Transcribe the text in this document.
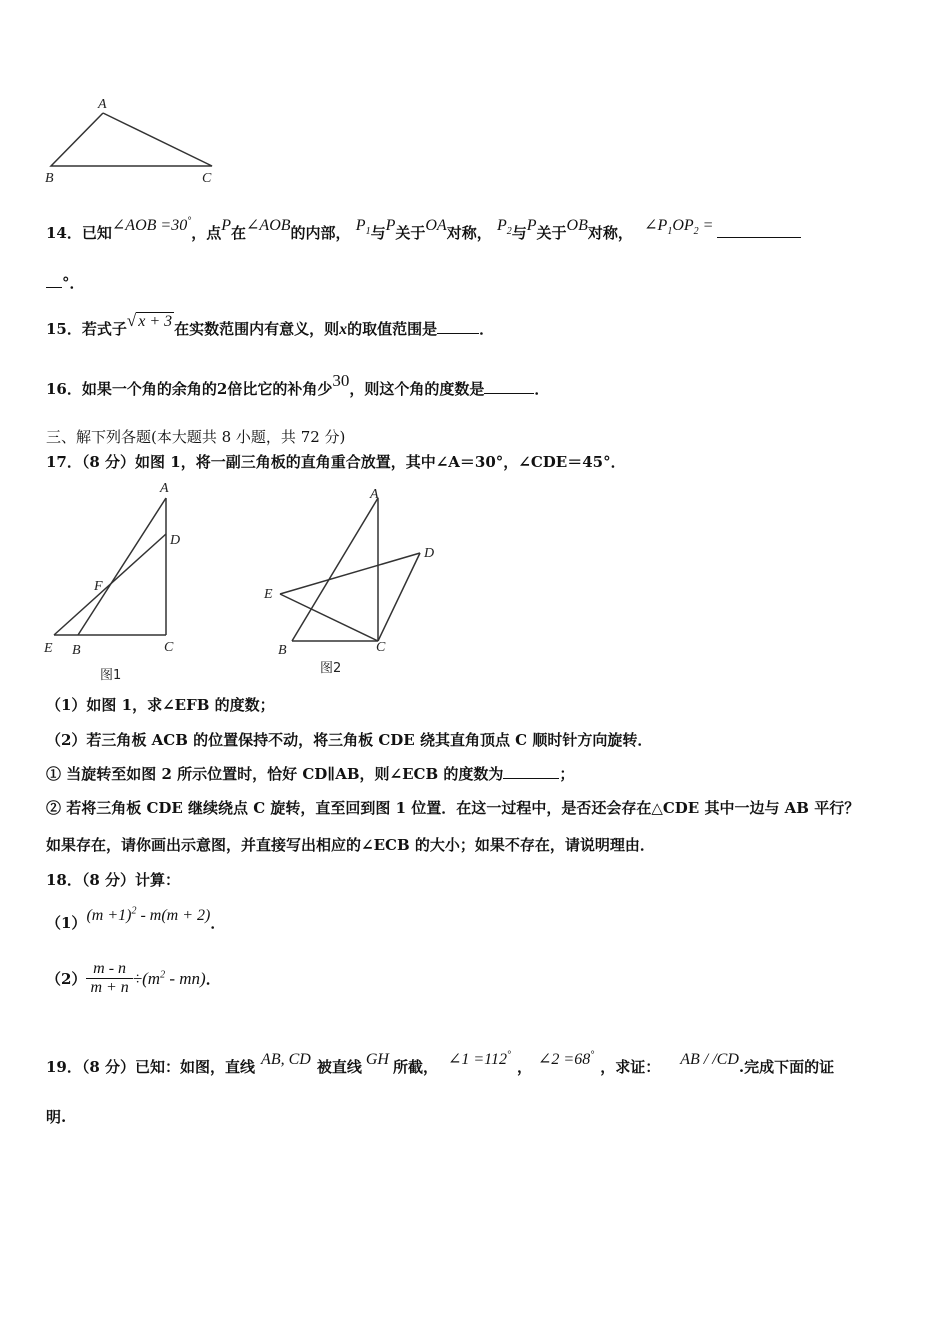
A
B	C
14．已知∠AOB =30°，点P在∠AOB的内部， $P_1$与P关于OA对称， $P_2$与P关于OB对称， $\angle P_1OP_2$ =
°．
15．若式子√ x + 3 在实数范围内有意义，则x的取值范围是	．
16．如果一个角的余角的2倍比它的补角少30，则这个角的度数是	．
三、解下列各题(本大题共 8 小题，共 72 分)
17．（8 分）如图 1，将一副三角板的直角重合放置，其中∠A＝30°，∠CDE＝45°．
A
D
F
E B	C
图1
A
D
E
B	C
图2
（1）如图 1，求∠EFB 的度数；
（2）若三角板 ACB 的位置保持不动，将三角板 CDE 绕其直角顶点 C 顺时针方向旋转．
① 当旋转至如图 2 所示位置时，恰好 CD∥AB，则∠ECB 的度数为	；
② 若将三角板 CDE 继续绕点 C 旋转，直至回到图 1 位置．在这一过程中，是否还会存在△CDE 其中一边与 AB 平行？
如果存在，请你画出示意图，并直接写出相应的∠ECB 的大小；如果不存在，请说明理由．
18．（8 分）计算：
$(1)(m +1)^2 - m(m + 2)$．
$(2) \frac{m - n}{m + n} \div(m^2 - mn)$．
19．（8 分）已知：如图，直线 AB, CD 被直线 GH 所截， ∠1 =112°， ∠2 =68°，求证： AB / /CD.完成下面的证
明.
